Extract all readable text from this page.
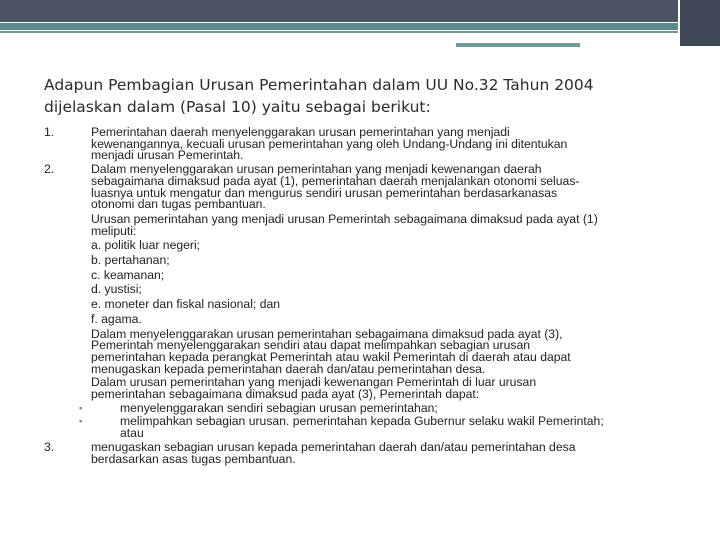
Adapun Pembagian Urusan Pemerintahan dalam UU No.32 Tahun 2004
dijelaskan dalam (Pasal 10) yaitu sebagai berikut:
1.	Pemerintahan daerah menyelenggarakan urusan pemerintahan yang menjadi
kewenangannya, kecuali urusan pemerintahan yang oleh Undang-Undang ini ditentukan
menjadi urusan Pemerintah.
2.	Dalam menyelenggarakan urusan pemerintahan yang menjadi kewenangan daerah
sebagaimana dimaksud pada ayat (1), pemerintahan daerah menjalankan otonomi seluas-
luasnya untuk mengatur dan mengurus sendiri urusan pemerintahan berdasarkanasas
otonomi dan tugas pembantuan.
Urusan pemerintahan yang menjadi urusan Pemerintah sebagaimana dimaksud pada ayat (1)
meliputi:
a. politik luar negeri;
b. pertahanan;
c. keamanan;
d. yustisi;
e. moneter dan fiskal nasional; dan
f. agama.
Dalam menyelenggarakan urusan pemerintahan sebagaimana dimaksud pada ayat (3),
Pemerintah menyelenggarakan sendiri atau dapat melimpahkan sebagian urusan
pemerintahan kepada perangkat Pemerintah atau wakil Pemerintah di daerah atau dapat
menugaskan kepada pemerintahan daerah dan/atau pemerintahan desa.
Dalam urusan pemerintahan yang menjadi kewenangan Pemerintah di luar urusan
pemerintahan sebagaimana dimaksud pada ayat (3), Pemerintah dapat:
▪	menyelenggarakan sendiri sebagian urusan pemerintahan;
▪	melimpahkan sebagian urusan. pemerintahan kepada Gubernur selaku wakil Pemerintah;
atau
3.	menugaskan sebagian urusan kepada pemerintahan daerah dan/atau pemerintahan desa
berdasarkan asas tugas pembantuan.
